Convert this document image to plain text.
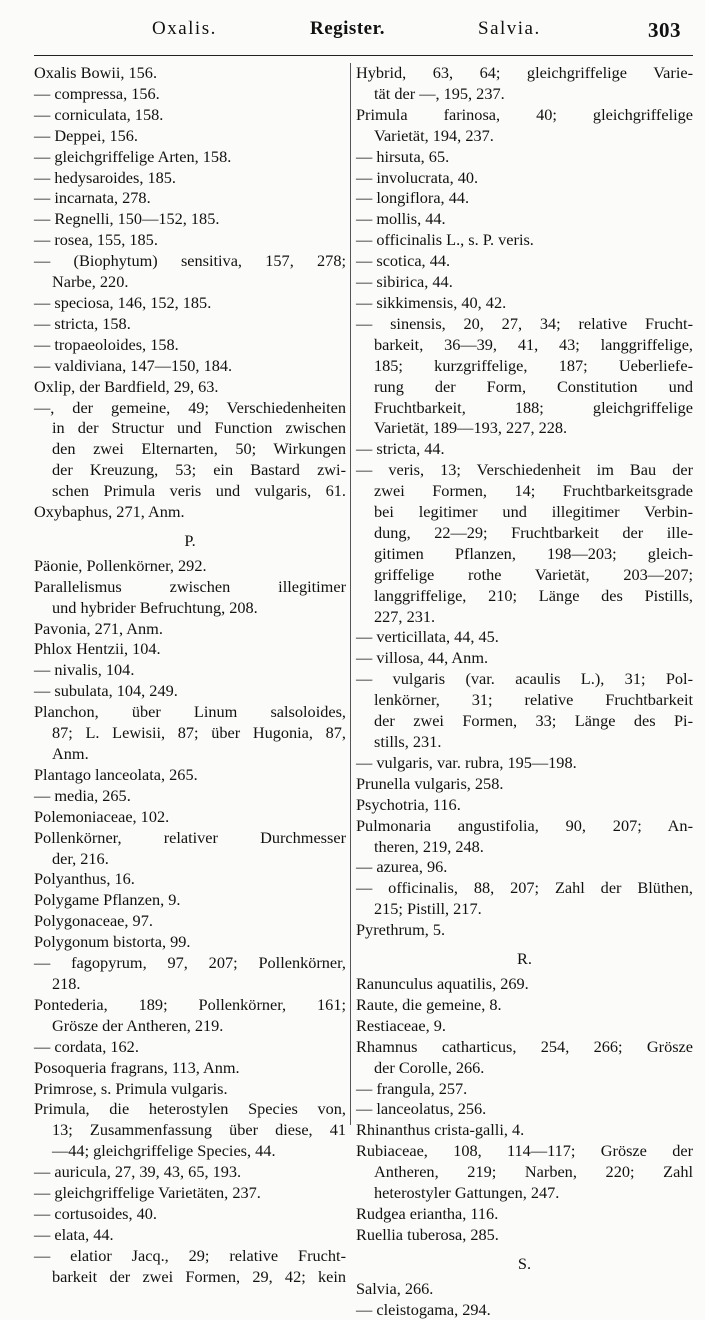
Oxalis.	Register.	Salvia.	303
Oxalis Bowii, 156.
— compressa, 156.
— corniculata, 158.
— Deppei, 156.
— gleichgriffelige Arten, 158.
— hedysaroides, 185.
— incarnata, 278.
— Regnelli, 150—152, 185.
— rosea, 155, 185.
— (Biophytum) sensitiva, 157, 278;
Narbe, 220.
— speciosa, 146, 152, 185.
— stricta, 158.
— tropaeoloides, 158.
— valdiviana, 147—150, 184.
Oxlip, der Bardfield, 29, 63.
—, der gemeine, 49; Verschiedenheiten
in der Structur und Function zwischen
den zwei Elternarten, 50; Wirkungen
der Kreuzung, 53; ein Bastard zwi-
schen Primula veris und vulgaris, 61.
Oxybaphus, 271, Anm.
P.
Päonie, Pollenkörner, 292.
Parallelismus zwischen illegitimer
und hybrider Befruchtung, 208.
Pavonia, 271, Anm.
Phlox Hentzii, 104.
— nivalis, 104.
— subulata, 104, 249.
Planchon, über Linum salsoloides,
87; L. Lewisii, 87; über Hugonia, 87,
Anm.
Plantago lanceolata, 265.
— media, 265.
Polemoniaceae, 102.
Pollenkörner, relativer Durchmesser
der, 216.
Polyanthus, 16.
Polygame Pflanzen, 9.
Polygonaceae, 97.
Polygonum bistorta, 99.
— fagopyrum, 97, 207; Pollenkörner,
218.
Pontederia, 189; Pollenkörner, 161;
Grösze der Antheren, 219.
— cordata, 162.
Posoqueria fragrans, 113, Anm.
Primrose, s. Primula vulgaris.
Primula, die heterostylen Species von,
13; Zusammenfassung über diese, 41
—44; gleichgriffelige Species, 44.
— auricula, 27, 39, 43, 65, 193.
— gleichgriffelige Varietäten, 237.
— cortusoides, 40.
— elata, 44.
— elatior Jacq., 29; relative Frucht-
barkeit der zwei Formen, 29, 42; kein
Hybrid, 63, 64; gleichgriffelige Varie-
tät der —, 195, 237.
Primula farinosa, 40; gleichgriffelige
Varietät, 194, 237.
— hirsuta, 65.
— involucrata, 40.
— longiflora, 44.
— mollis, 44.
— officinalis L., s. P. veris.
— scotica, 44.
— sibirica, 44.
— sikkimensis, 40, 42.
— sinensis, 20, 27, 34; relative Frucht-
barkeit, 36—39, 41, 43; langgriffelige,
185; kurzgriffelige, 187; Ueberliefe-
rung der Form, Constitution und
Fruchtbarkeit, 188; gleichgriffelige
Varietät, 189—193, 227, 228.
— stricta, 44.
— veris, 13; Verschiedenheit im Bau der
zwei Formen, 14; Fruchtbarkeitsgrade
bei legitimer und illegitimer Verbin-
dung, 22—29; Fruchtbarkeit der ille-
gitimen Pflanzen, 198—203; gleich-
griffelige rothe Varietät, 203—207;
langgriffelige, 210; Länge des Pistills,
227, 231.
— verticillata, 44, 45.
— villosa, 44, Anm.
— vulgaris (var. acaulis L.), 31; Pol-
lenkörner, 31; relative Fruchtbarkeit
der zwei Formen, 33; Länge des Pi-
stills, 231.
— vulgaris, var. rubra, 195—198.
Prunella vulgaris, 258.
Psychotria, 116.
Pulmonaria angustifolia, 90, 207; An-
theren, 219, 248.
— azurea, 96.
— officinalis, 88, 207; Zahl der Blüthen,
215; Pistill, 217.
Pyrethrum, 5.
R.
Ranunculus aquatilis, 269.
Raute, die gemeine, 8.
Restiaceae, 9.
Rhamnus catharticus, 254, 266; Grösze
der Corolle, 266.
— frangula, 257.
— lanceolatus, 256.
Rhinanthus crista-galli, 4.
Rubiaceae, 108, 114—117; Grösze der
Antheren, 219; Narben, 220; Zahl
heterostyler Gattungen, 247.
Rudgea eriantha, 116.
Ruellia tuberosa, 285.
S.
Salvia, 266.
— cleistogama, 294.
